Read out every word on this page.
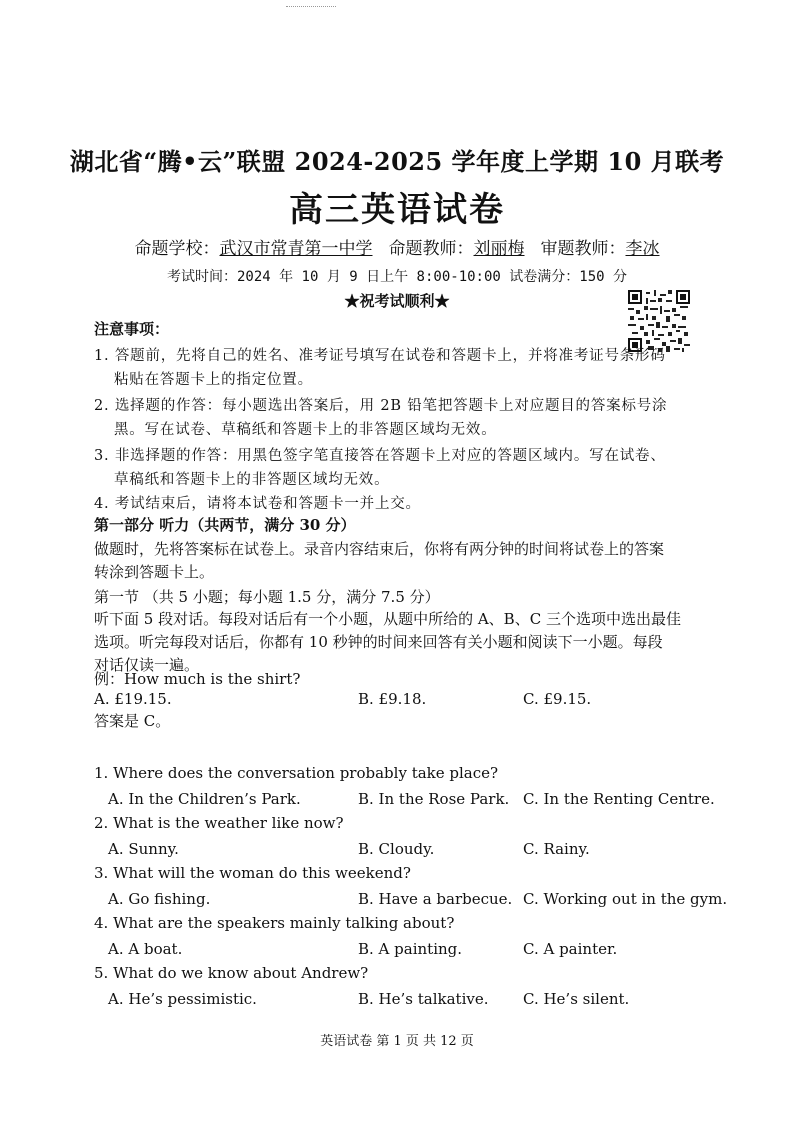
湖北省“腾•云”联盟 2024-2025 学年度上学期 10 月联考
高三英语试卷
命题学校：武汉市常青第一中学 命题教师：刘丽梅 审题教师：李冰
考试时间：2024 年 10 月 9 日上午 8:00-10:00 试卷满分：150 分
★祝考试顺利★
注意事项：
1. 答题前，先将自己的姓名、准考证号填写在试卷和答题卡上，并将准考证号条形码
粘贴在答题卡上的指定位置。
2. 选择题的作答：每小题选出答案后，用 2B 铅笔把答题卡上对应题目的答案标号涂
黑。写在试卷、草稿纸和答题卡上的非答题区域均无效。
3. 非选择题的作答：用黑色签字笔直接答在答题卡上对应的答题区域内。写在试卷、
草稿纸和答题卡上的非答题区域均无效。
4. 考试结束后，请将本试卷和答题卡一并上交。
第一部分 听力（共两节，满分 30 分）
做题时，先将答案标在试卷上。录音内容结束后，你将有两分钟的时间将试卷上的答案
转涂到答题卡上。
第一节 （共 5 小题；每小题 1.5 分，满分 7.5 分）
听下面 5 段对话。每段对话后有一个小题，从题中所给的 A、B、C 三个选项中选出最佳
选项。听完每段对话后，你都有 10 秒钟的时间来回答有关小题和阅读下一小题。每段
对话仅读一遍。
例：How much is the shirt?
A. £19.15.	B. £9.18.	C. £9.15.
答案是 C。
1. Where does the conversation probably take place?
A. In the Children’s Park.	B. In the Rose Park. C. In the Renting Centre.
2. What is the weather like now?
A. Sunny.	B. Cloudy.	C. Rainy.
3. What will the woman do this weekend?
A. Go fishing.	B. Have a barbecue. C. Working out in the gym.
4. What are the speakers mainly talking about?
A. A boat.	B. A painting.	C. A painter.
5. What do we know about Andrew?
A. He’s pessimistic.	B. He’s talkative. C. He’s silent.
英语试卷 第 1 页 共 12 页
